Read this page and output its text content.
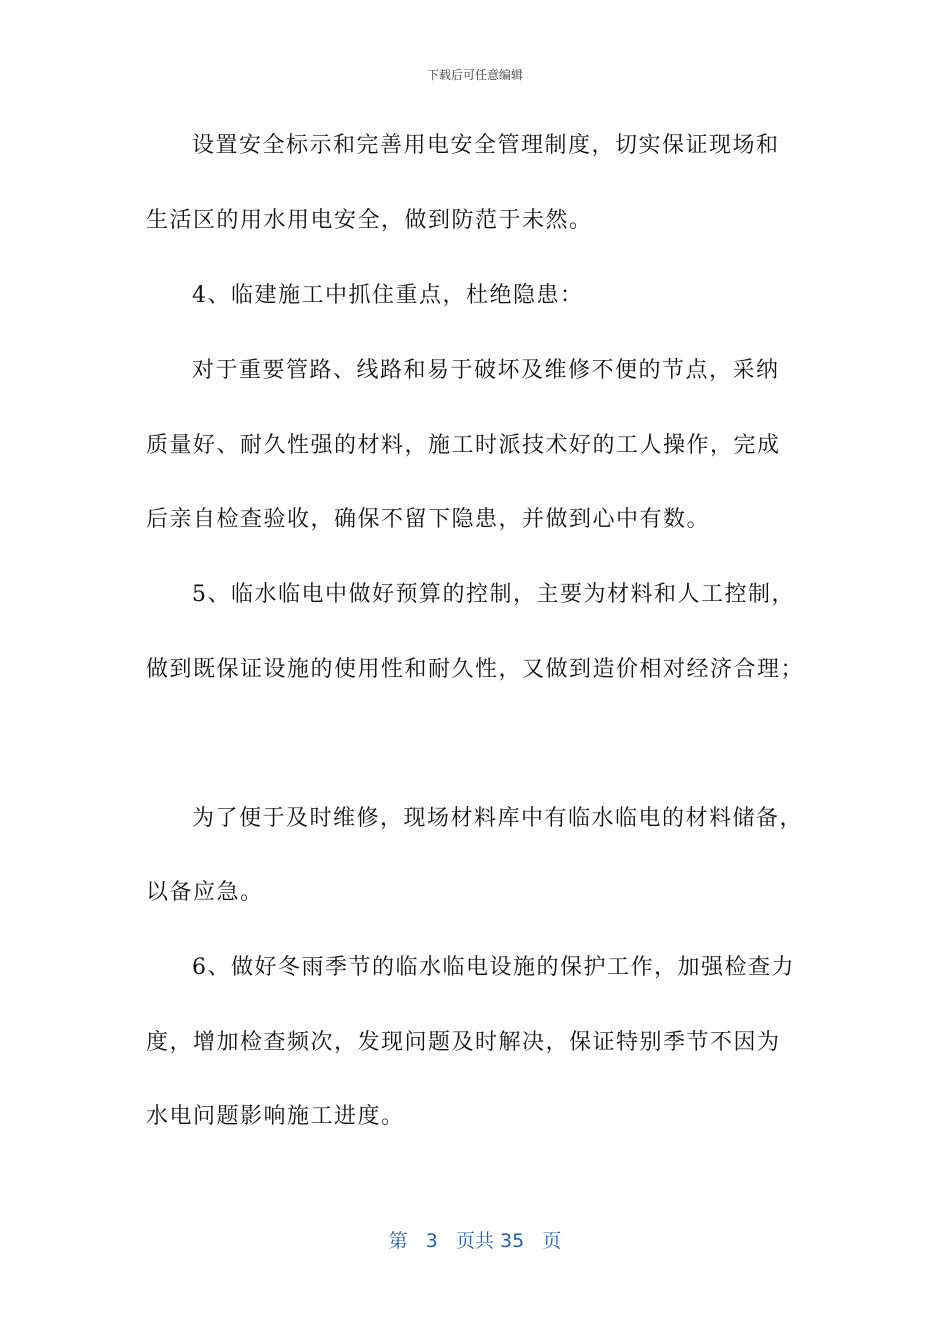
下载后可任意编辑
设置安全标示和完善用电安全管理制度，切实保证现场和
生活区的用水用电安全，做到防范于未然。
4、临建施工中抓住重点，杜绝隐患：
对于重要管路、线路和易于破坏及维修不便的节点，采纳
质量好、耐久性强的材料，施工时派技术好的工人操作，完成
后亲自检查验收，确保不留下隐患，并做到心中有数。
5、临水临电中做好预算的控制，主要为材料和人工控制，
做到既保证设施的使用性和耐久性，又做到造价相对经济合理；
为了便于及时维修，现场材料库中有临水临电的材料储备，
以备应急。
6、做好冬雨季节的临水临电设施的保护工作，加强检查力
度，增加检查频次，发现问题及时解决，保证特别季节不因为
水电问题影响施工进度。
第 3 页共 35 页
